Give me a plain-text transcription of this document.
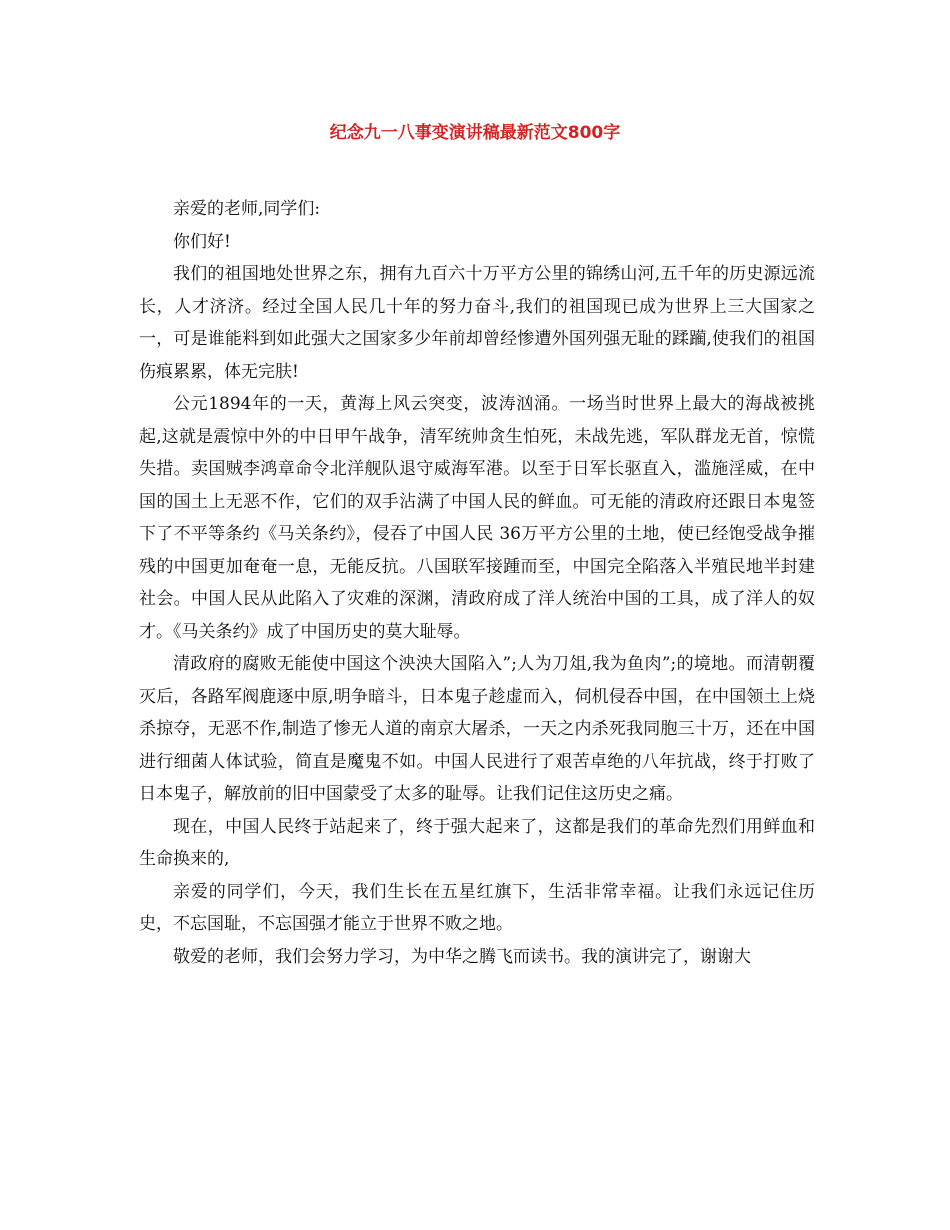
纪念九一八事变演讲稿最新范文800字

亲爱的老师,同学们:

你们好!

我们的祖国地处世界之东，拥有九百六十万平方公里的锦绣山河,五千年的历史源远流长，人才济济。经过全国人民几十年的努力奋斗,我们的祖国现已成为世界上三大国家之一，可是谁能料到如此强大之国家多少年前却曾经惨遭外国列强无耻的蹂躏,使我们的祖国伤痕累累，体无完肤!

公元1894年的一天，黄海上风云突变，波涛汹涌。一场当时世界上最大的海战被挑起,这就是震惊中外的中日甲午战争，清军统帅贪生怕死，未战先逃，军队群龙无首，惊慌失措。卖国贼李鸿章命令北洋舰队退守威海军港。以至于日军长驱直入，滥施淫威，在中国的国土上无恶不作，它们的双手沾满了中国人民的鲜血。可无能的清政府还跟日本鬼签下了不平等条约《马关条约》，侵吞了中国人民 36万平方公里的土地，使已经饱受战争摧残的中国更加奄奄一息，无能反抗。八国联军接踵而至，中国完全陷落入半殖民地半封建社会。中国人民从此陷入了灾难的深渊，清政府成了洋人统治中国的工具，成了洋人的奴才。《马关条约》成了中国历史的莫大耻辱。

清政府的腐败无能使中国这个泱泱大国陷入”;人为刀俎,我为鱼肉”;的境地。而清朝覆灭后，各路军阀鹿逐中原,明争暗斗，日本鬼子趁虚而入，伺机侵吞中国，在中国领土上烧杀掠夺，无恶不作,制造了惨无人道的南京大屠杀，一天之内杀死我同胞三十万，还在中国进行细菌人体试验，简直是魔鬼不如。中国人民进行了艰苦卓绝的八年抗战，终于打败了日本鬼子，解放前的旧中国蒙受了太多的耻辱。让我们记住这历史之痛。

现在，中国人民终于站起来了，终于强大起来了，这都是我们的革命先烈们用鲜血和生命换来的,

亲爱的同学们，今天，我们生长在五星红旗下，生活非常幸福。让我们永远记住历史，不忘国耻，不忘国强才能立于世界不败之地。

敬爱的老师，我们会努力学习，为中华之腾飞而读书。我的演讲完了，谢谢大
